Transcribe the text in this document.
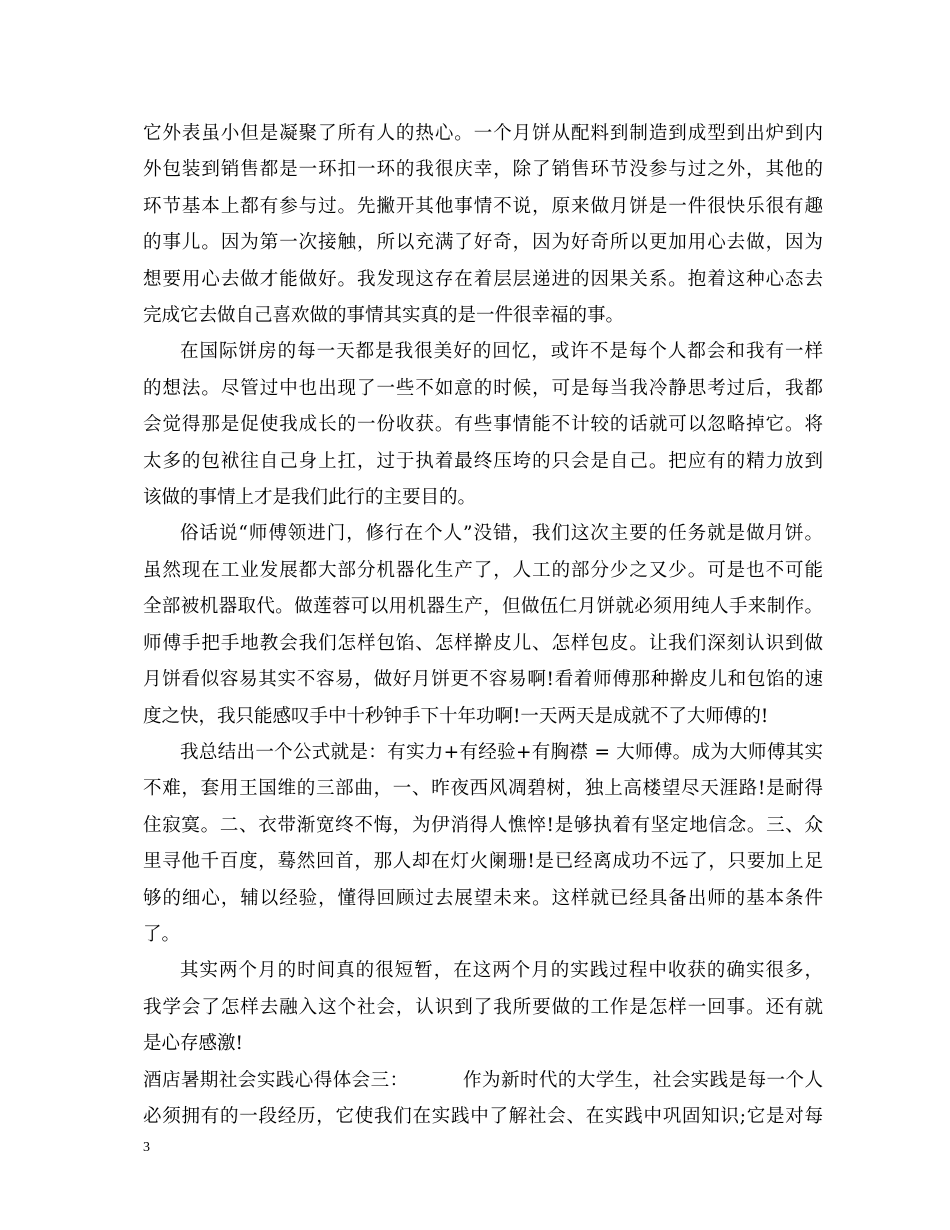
它外表虽小但是凝聚了所有人的热心。一个月饼从配料到制造到成型到出炉到内
外包装到销售都是一环扣一环的我很庆幸，除了销售环节没参与过之外，其他的
环节基本上都有参与过。先撇开其他事情不说，原来做月饼是一件很快乐很有趣
的事儿。因为第一次接触，所以充满了好奇，因为好奇所以更加用心去做，因为
想要用心去做才能做好。我发现这存在着层层递进的因果关系。抱着这种心态去
完成它去做自己喜欢做的事情其实真的是一件很幸福的事。
在国际饼房的每一天都是我很美好的回忆，或许不是每个人都会和我有一样
的想法。尽管过中也出现了一些不如意的时候，可是每当我冷静思考过后，我都
会觉得那是促使我成长的一份收获。有些事情能不计较的话就可以忽略掉它。将
太多的包袱往自己身上扛，过于执着最终压垮的只会是自己。把应有的精力放到
该做的事情上才是我们此行的主要目的。
俗话说“师傅领进门，修行在个人”没错，我们这次主要的任务就是做月饼。
虽然现在工业发展都大部分机器化生产了，人工的部分少之又少。可是也不可能
全部被机器取代。做莲蓉可以用机器生产，但做伍仁月饼就必须用纯人手来制作。
师傅手把手地教会我们怎样包馅、怎样擀皮儿、怎样包皮。让我们深刻认识到做
月饼看似容易其实不容易，做好月饼更不容易啊!看着师傅那种擀皮儿和包馅的速
度之快，我只能感叹手中十秒钟手下十年功啊!一天两天是成就不了大师傅的!
我总结出一个公式就是：有实力+有经验+有胸襟 = 大师傅。成为大师傅其实
不难，套用王国维的三部曲，一、昨夜西风凋碧树，独上高楼望尽天涯路!是耐得
住寂寞。二、衣带渐宽终不悔，为伊消得人憔悴!是够执着有坚定地信念。三、众
里寻他千百度，蓦然回首，那人却在灯火阑珊!是已经离成功不远了，只要加上足
够的细心，辅以经验，懂得回顾过去展望未来。这样就已经具备出师的基本条件
了。
其实两个月的时间真的很短暂，在这两个月的实践过程中收获的确实很多，
我学会了怎样去融入这个社会，认识到了我所要做的工作是怎样一回事。还有就
是心存感激!
酒店暑期社会实践心得体会三：	作为新时代的大学生，社会实践是每一个人
必须拥有的一段经历，它使我们在实践中了解社会、在实践中巩固知识;它是对每
3
